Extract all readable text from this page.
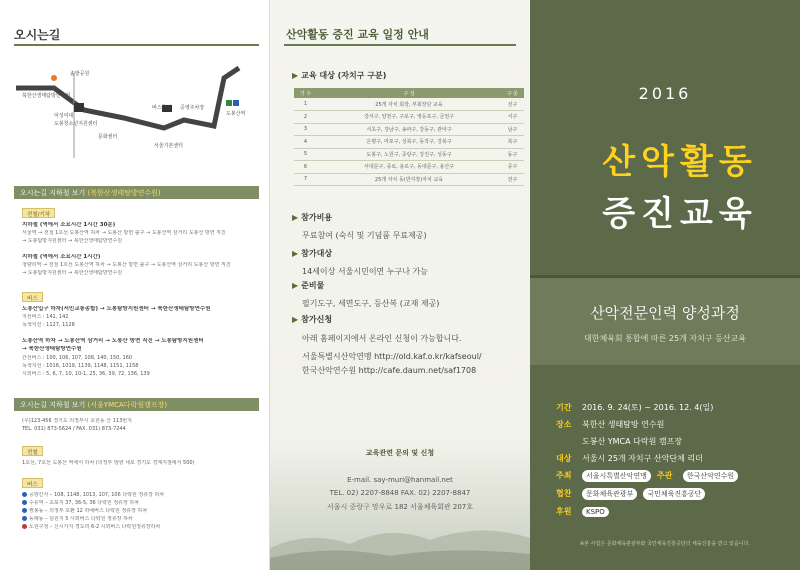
오시는길
북한산생태탐방연수원
솔밭공원
덕성여대
도봉청소년지원센터
문화센터
버스종점 공영주차장
서울기본센터
도봉산역
오시는길 지하철 보기 (북한산생태탐방연수원)
전철/기차
지하철 (역에서 소요시간 1시간 30분)
서울역 → 전철 1호선 도봉산역 하차 → 도봉산 방면 출구 → 도봉산역 삼거리 도봉산 방면 직진
→ 도봉탐방지원센터 → 북한산생태탐방연수원
지하철 (역에서 소요시간 1시간)
청량리역 → 전철 1호선 도봉산역 하차 → 도봉산 방면 출구 → 도봉산역 삼거리 도봉산 방면 직진
→ 도봉탐방지원센터 → 북한산생태탐방연수원
버스
도봉산입구 하차(서민교통종합) → 도봉탐방지원센터 → 북한산생태탐방연수원
지선버스 : 141, 142
녹색지선 : 1127, 1128
도봉산역 하차 → 도봉산역 삼거리 → 도봉산 방면 직진 → 도봉탐방지원센터
→ 북한산생태탐방연수원
간선버스 : 100, 106, 107, 108, 140, 150, 160
녹색지선 : 1016, 1019, 1139, 1148, 1151, 1158
시외버스 : 5, 6, 7, 10, 10-1, 25, 36, 39, 72, 136, 139
오시는길 지하철 보기 (서울YMCA다락원캠프장)
(우)123-456 경기도 의정부시 호원동 산 113번지
TEL. 031) 873-5624 / FAX. 031) 873-7244
전철
1호선, 7호선 도봉산 역에서 하차 (의정부 방향 세로 경기도 경계지점에서 500)
버스
공항간자 – 108, 1148, 1013, 107, 106 다락원 정류장 하차
수유역 – 초포지 37, 36-5, 36 다락원 정류장 하차
쌍봉동 – 의정부 호환 12 하에버스 다락원 정류장 하차
동래동 – 넘원지 5 시외버스 다락원 정류장 하차
노원구청 – 신시가지 경도리 6-2 시외버스 다락원정류장하차
산악활동 증진 교육 일정 안내
▶ 교육 대상 (자치구 구분)
기 수	구 성	구 분
1	25개 자치 회장, 부회장단 교육	전구
2	강서구, 양천구, 구로구, 영등포구, 금천구	서구
3	서초구, 강남구, 송파구, 강동구, 관악구	남구
4	은평구, 마포구, 성북구, 동작구, 강북구	북구
5	도봉구, 노원구, 중랑구, 강진구, 성동구	동구
6	서대문구, 종로, 용로구, 동대문구, 용산구	중구
7	25개 자치 동(반지장)자치 교육	전구
▶ 참가비용
무료참여 (숙식 및 기념품 무료제공)
▶ 참가대상
14세이상 서울시민이면 누구나 가능
▶ 준비물
필기도구, 세면도구, 등산복 (교재 제공)
▶ 참가신청
아래 홈페이지에서 온라인 신청이 가능합니다.
서울특별시산악연맹 http://old.kaf.o.kr/kafseoul/
한국산악연수원 http://cafe.daum.net/saf1708
교육관련 문의 및 신청
E-mail. say-muri@hanmail.net
TEL. 02) 2207-8848 FAX. 02) 2207-8847
서울시 중랑구 망우로 182 서울체육회관 207호
2016
산악활동
증진교육
산악전문인력 양성과정
대한체육회 통합에 따른 25개 자치구 등산교육
기간 2016. 9. 24(토) ~ 2016. 12. 4(일)
장소 북한산 생태탐방 연수원
도봉산 YMCA 다락원 캠프장
대상 서울시 25개 자치구 산악단체 리더
주최 서울시특별산악연맹 주관 한국산악연수원
협찬 문화체육관광부 국민체육진흥공단
후원 KSPO
※본 사업은 문화체육관광부와 국민체육진흥공단의 체육진흥을 받고 있습니다.
